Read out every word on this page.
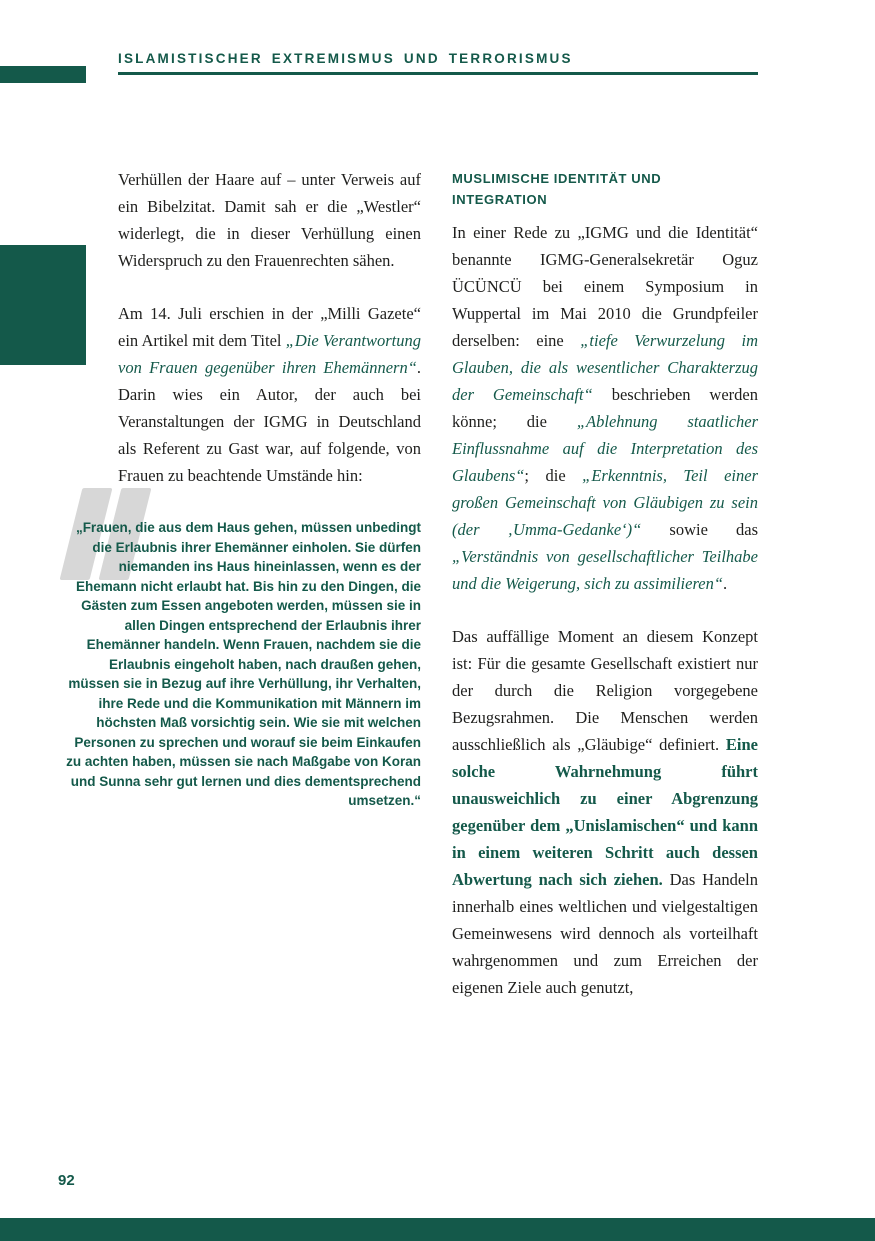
ISLAMISTISCHER EXTREMISMUS UND TERRORISMUS

Verhüllen der Haare auf – unter Verweis auf ein Bibelzitat. Damit sah er die „Westler“ widerlegt, die in dieser Verhüllung einen Widerspruch zu den Frauenrechten sähen.

Am 14. Juli erschien in der „Milli Gazete“ ein Artikel mit dem Titel „Die Verantwortung von Frauen gegenüber ihren Ehemännern“. Darin wies ein Autor, der auch bei Veranstaltungen der IGMG in Deutschland als Referent zu Gast war, auf folgende, von Frauen zu beachtende Umstände hin:

„Frauen, die aus dem Haus gehen, müssen unbedingt die Erlaubnis ihrer Ehemänner einholen. Sie dürfen niemanden ins Haus hineinlassen, wenn es der Ehemann nicht erlaubt hat. Bis hin zu den Dingen, die Gästen zum Essen angeboten werden, müssen sie in allen Dingen entsprechend der Erlaubnis ihrer Ehemänner handeln. Wenn Frauen, nachdem sie die Erlaubnis eingeholt haben, nach draußen gehen, müssen sie in Bezug auf ihre Verhüllung, ihr Verhalten, ihre Rede und die Kommunikation mit Männern im höchsten Maß vorsichtig sein. Wie sie mit welchen Personen zu sprechen und worauf sie beim Einkaufen zu achten haben, müssen sie nach Maßgabe von Koran und Sunna sehr gut lernen und dies dementsprechend umsetzen.“
MUSLIMISCHE IDENTITÄT UND INTEGRATION

In einer Rede zu „IGMG und die Identität“ benannte IGMG-Generalsekretär Oguz ÜCÜNCÜ bei einem Symposium in Wuppertal im Mai 2010 die Grundpfeiler derselben: eine „tiefe Verwurzelung im Glauben, die als wesentlicher Charakterzug der Gemeinschaft“ beschrieben werden könne; die „Ablehnung staatlicher Einflussnahme auf die Interpretation des Glaubens“; die „Erkenntnis, Teil einer großen Gemeinschaft von Gläubigen zu sein (der ‚Umma-Gedanke‘)“ sowie das „Verständnis von gesellschaftlicher Teilhabe und die Weigerung, sich zu assimilieren“.

Das auffällige Moment an diesem Konzept ist: Für die gesamte Gesellschaft existiert nur der durch die Religion vorgegebene Bezugsrahmen. Die Menschen werden ausschließlich als „Gläubige“ definiert. Eine solche Wahrnehmung führt unausweichlich zu einer Abgrenzung gegenüber dem „Unislamischen“ und kann in einem weiteren Schritt auch dessen Abwertung nach sich ziehen. Das Handeln innerhalb eines weltlichen und vielgestaltigen Gemeinwesens wird dennoch als vorteilhaft wahrgenommen und zum Erreichen der eigenen Ziele auch genutzt,

92
